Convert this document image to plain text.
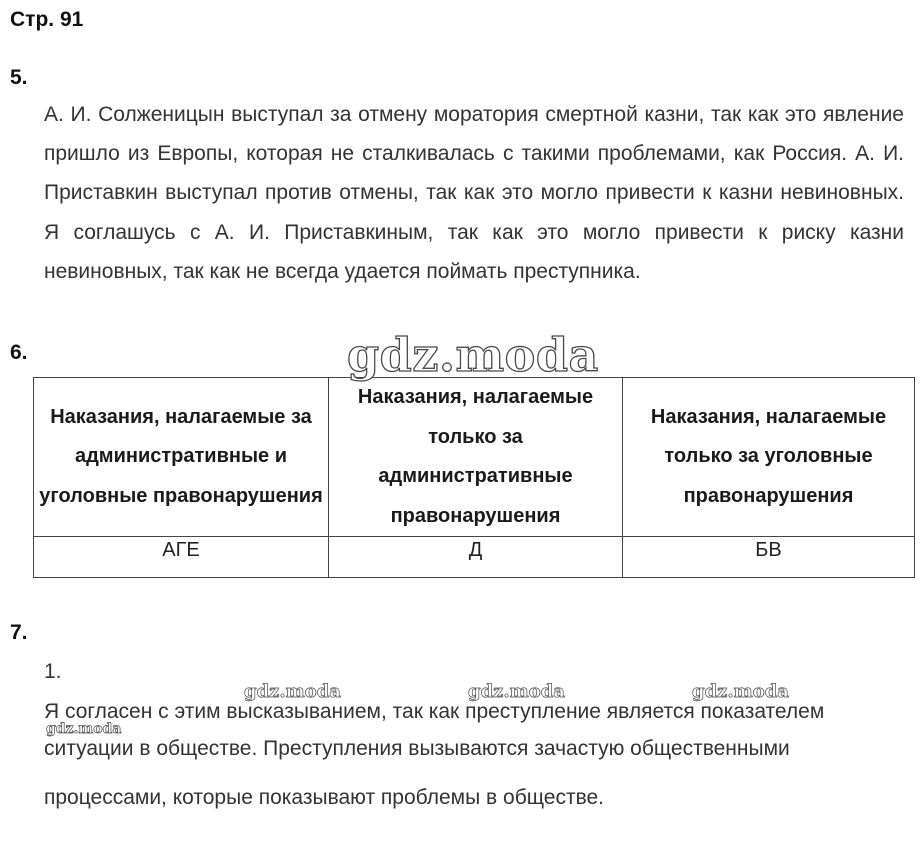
Стр. 91
5.
А. И. Солженицын выступал за отмену моратория смертной казни, так как это явление пришло из Европы, которая не сталкивалась с такими проблемами, как Россия. А. И. Приставкин выступал против отмены, так как это могло привести к казни невиновных. Я соглашусь с А. И. Приставкиным, так как это могло привести к риску казни невиновных, так как не всегда удается поймать преступника.
6.
Наказания, налагаемые за административные и уголовные правонарушения	Наказания, налагаемые только за административные правонарушения	Наказания, налагаемые только за уголовные правонарушения
АГЕ	Д	БВ
7.
1.
Я согласен с этим высказыванием, так как преступление является показателем
ситуации в обществе. Преступления вызываются зачастую общественными
процессами, которые показывают проблемы в обществе.
gdz.moda
gdz.moda	gdz.moda	gdz.moda
gdz.moda
